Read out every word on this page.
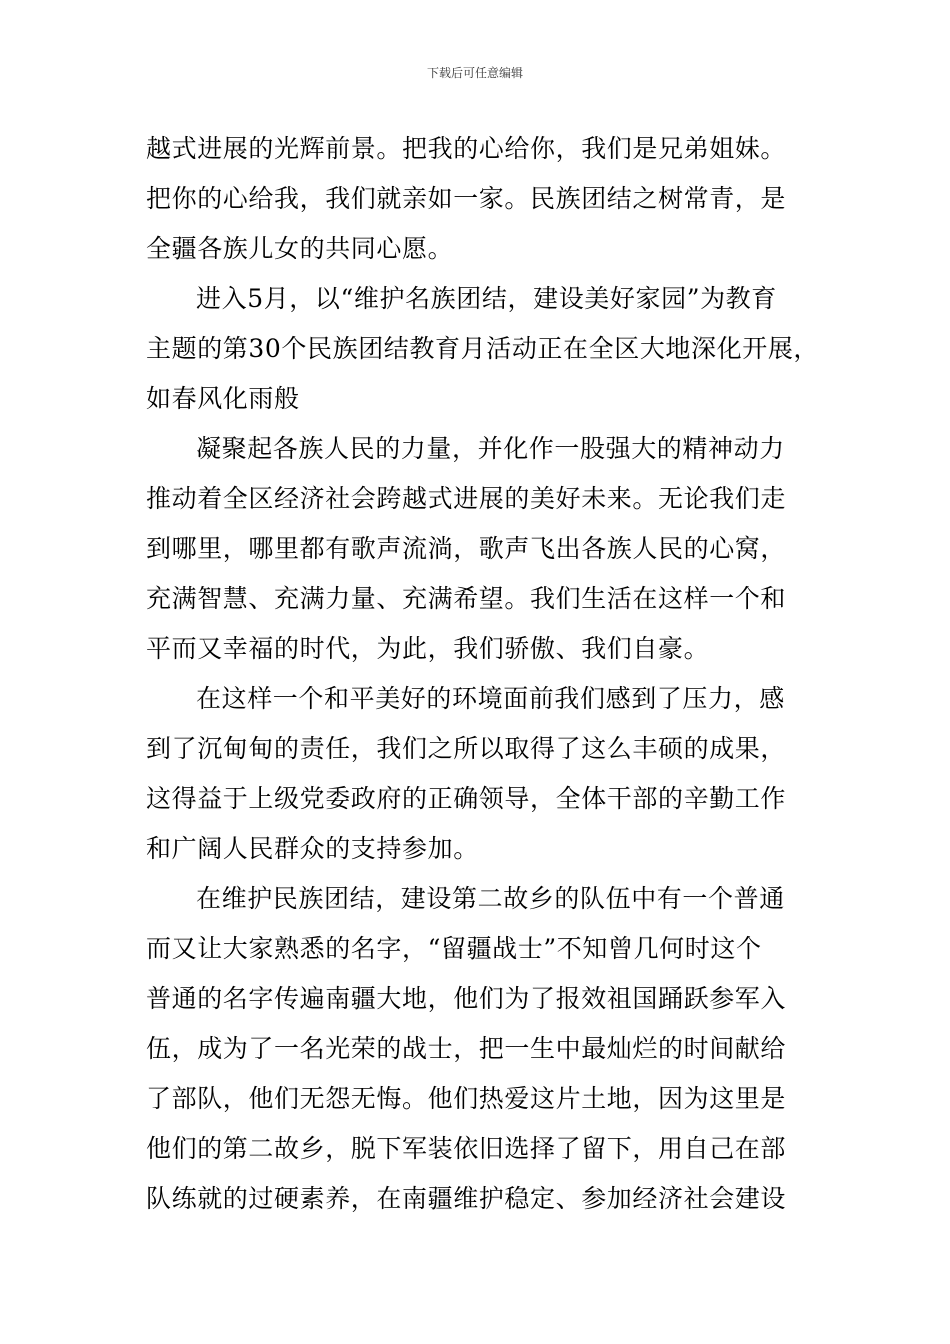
下载后可任意编辑
越式进展的光辉前景。把我的心给你，我们是兄弟姐妹。
把你的心给我，我们就亲如一家。民族团结之树常青，是
全疆各族儿女的共同心愿。
进入5月，以“维护名族团结，建设美好家园”为教育
主题的第30个民族团结教育月活动正在全区大地深化开展，
如春风化雨般
凝聚起各族人民的力量，并化作一股强大的精神动力
推动着全区经济社会跨越式进展的美好未来。无论我们走
到哪里，哪里都有歌声流淌，歌声飞出各族人民的心窝，
充满智慧、充满力量、充满希望。我们生活在这样一个和
平而又幸福的时代，为此，我们骄傲、我们自豪。
在这样一个和平美好的环境面前我们感到了压力，感
到了沉甸甸的责任，我们之所以取得了这么丰硕的成果，
这得益于上级党委政府的正确领导，全体干部的辛勤工作
和广阔人民群众的支持参加。
在维护民族团结，建设第二故乡的队伍中有一个普通
而又让大家熟悉的名字，“留疆战士”不知曾几何时这个
普通的名字传遍南疆大地，他们为了报效祖国踊跃参军入
伍，成为了一名光荣的战士，把一生中最灿烂的时间献给
了部队，他们无怨无悔。他们热爱这片土地，因为这里是
他们的第二故乡，脱下军装依旧选择了留下，用自己在部
队练就的过硬素养，在南疆维护稳定、参加经济社会建设
